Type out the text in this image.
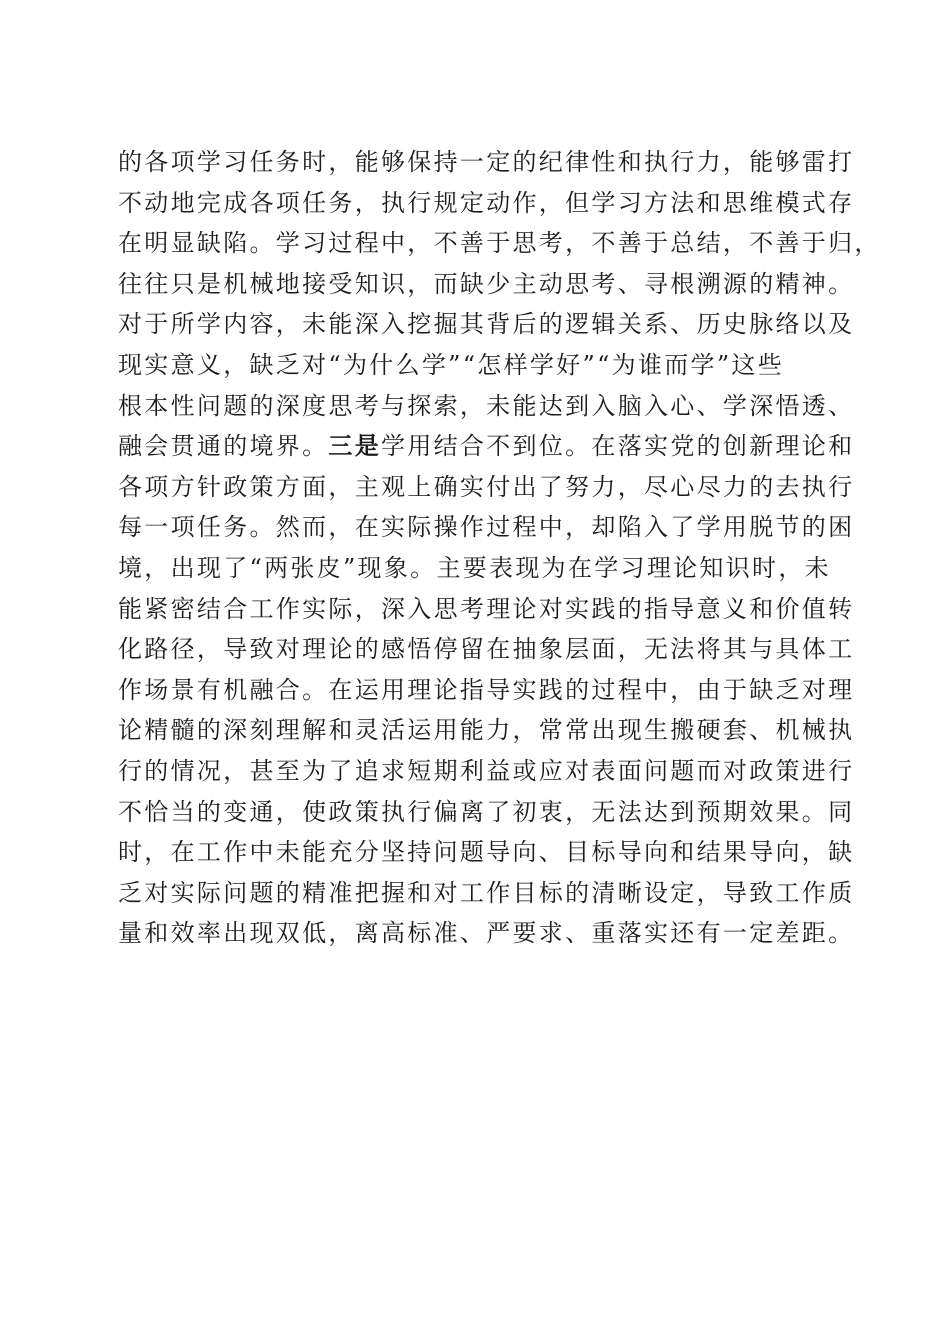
的各项学习任务时，能够保持一定的纪律性和执行力，能够雷打
不动地完成各项任务，执行规定动作，但学习方法和思维模式存
在明显缺陷。学习过程中，不善于思考，不善于总结，不善于归，
往往只是机械地接受知识，而缺少主动思考、寻根溯源的精神。
对于所学内容，未能深入挖掘其背后的逻辑关系、历史脉络以及
现实意义，缺乏对“为什么学”“怎样学好”“为谁而学”这些
根本性问题的深度思考与探索，未能达到入脑入心、学深悟透、
融会贯通的境界。三是学用结合不到位。在落实党的创新理论和
各项方针政策方面，主观上确实付出了努力，尽心尽力的去执行
每一项任务。然而，在实际操作过程中，却陷入了学用脱节的困
境，出现了“两张皮”现象。主要表现为在学习理论知识时，未
能紧密结合工作实际，深入思考理论对实践的指导意义和价值转
化路径，导致对理论的感悟停留在抽象层面，无法将其与具体工
作场景有机融合。在运用理论指导实践的过程中，由于缺乏对理
论精髓的深刻理解和灵活运用能力，常常出现生搬硬套、机械执
行的情况，甚至为了追求短期利益或应对表面问题而对政策进行
不恰当的变通，使政策执行偏离了初衷，无法达到预期效果。同
时，在工作中未能充分坚持问题导向、目标导向和结果导向，缺
乏对实际问题的精准把握和对工作目标的清晰设定，导致工作质
量和效率出现双低，离高标准、严要求、重落实还有一定差距。
